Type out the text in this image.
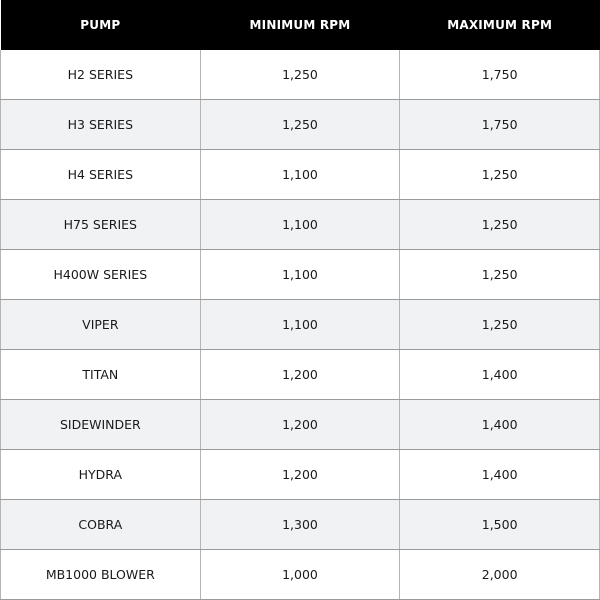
PUMP	MINIMUM RPM	MAXIMUM RPM
H2 SERIES	1,250	1,750
H3 SERIES	1,250	1,750
H4 SERIES	1,100	1,250
H75 SERIES	1,100	1,250
H400W SERIES	1,100	1,250
VIPER	1,100	1,250
TITAN	1,200	1,400
SIDEWINDER	1,200	1,400
HYDRA	1,200	1,400
COBRA	1,300	1,500
MB1000 BLOWER	1,000	2,000
